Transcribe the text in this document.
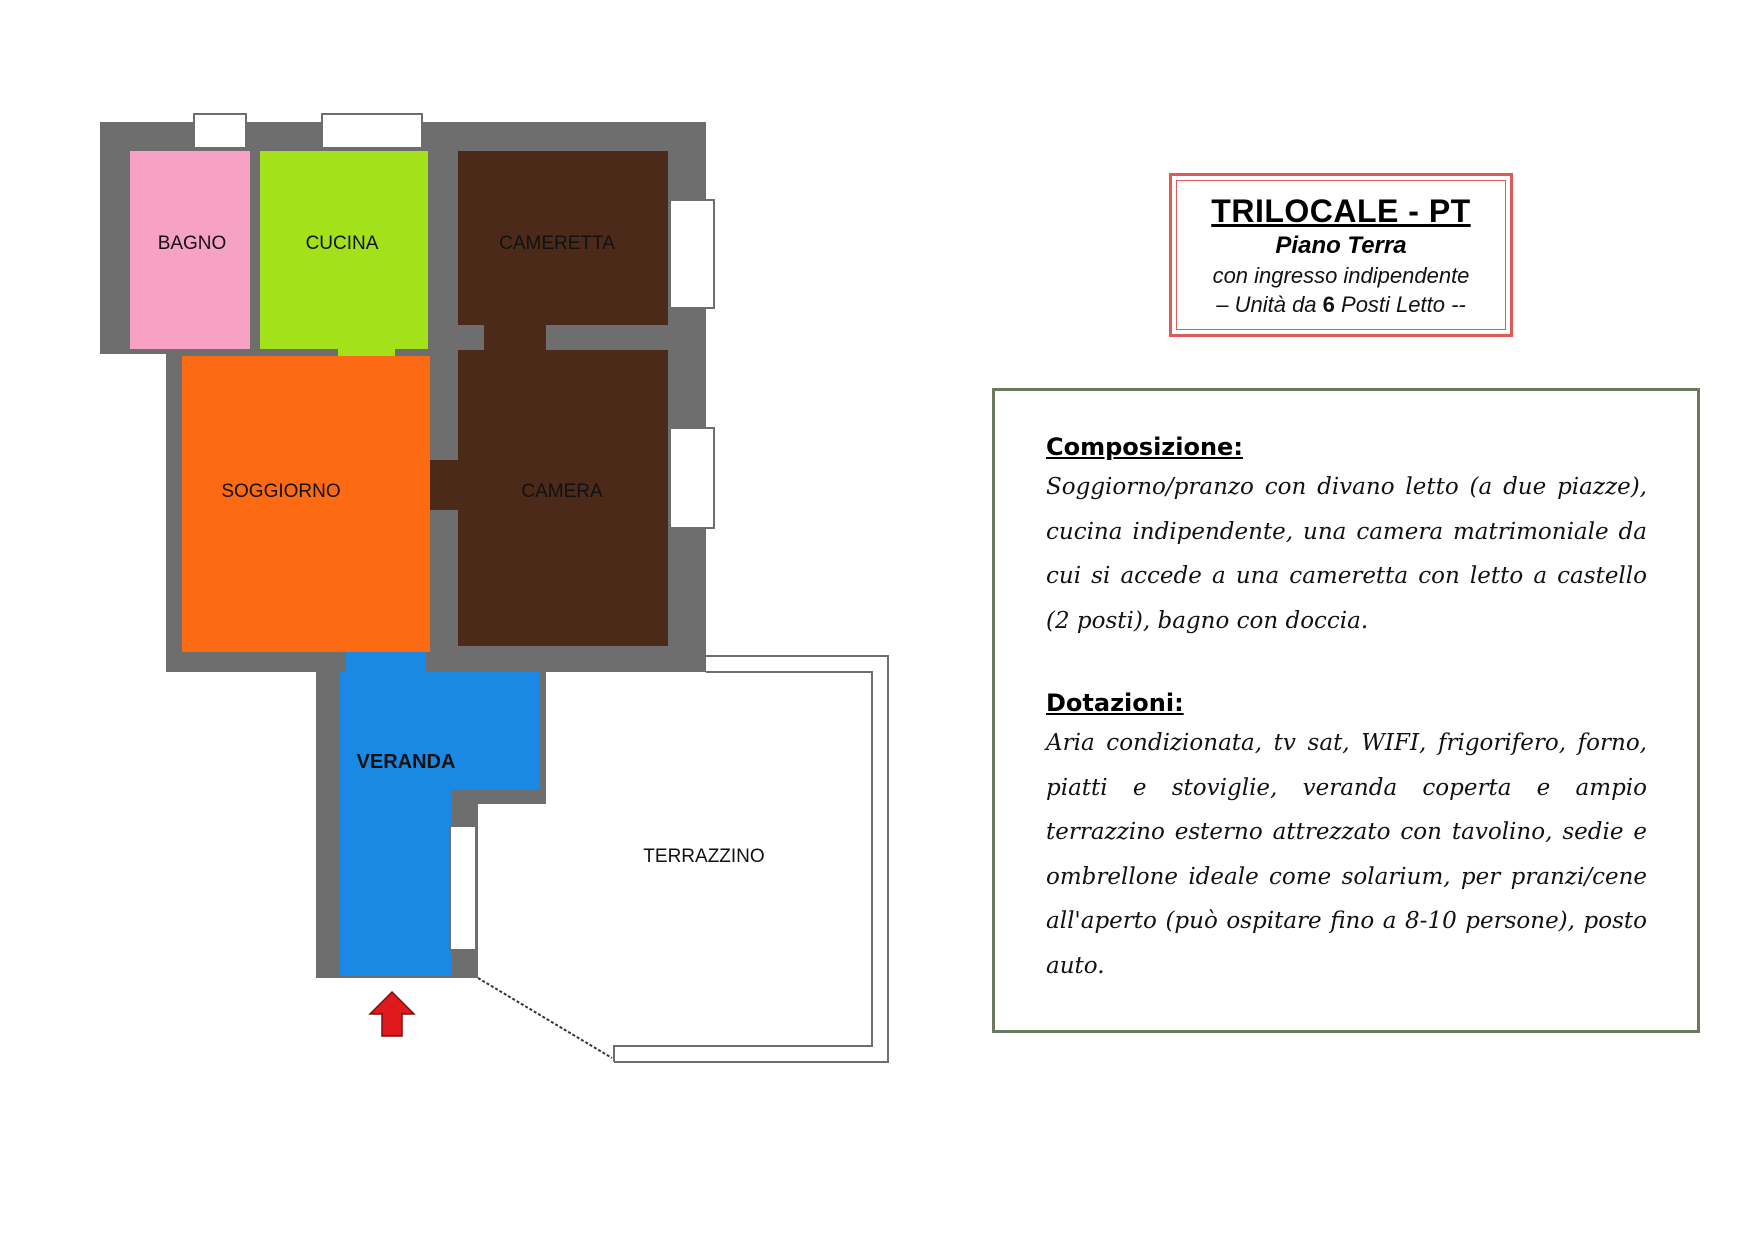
BAGNO	CUCINA	CAMERETTA
SOGGIORNO	CAMERA
VERANDA
TERRAZZINO
TRILOCALE - PT
Piano Terra
con ingresso indipendente
– Unità da 6 Posti Letto --
Composizione:

Soggiorno/pranzo con divano letto (a due piazze), cucina indipendente, una camera matrimoniale da cui si accede a una cameretta con letto a castello (2 posti), bagno con doccia.

Dotazioni:

Aria condizionata, tv sat, WIFI, frigorifero, forno, piatti e stoviglie, veranda coperta e ampio terrazzino esterno attrezzato con tavolino, sedie e ombrellone ideale come solarium, per pranzi/cene all'aperto (può ospitare fino a 8-10 persone), posto auto.
